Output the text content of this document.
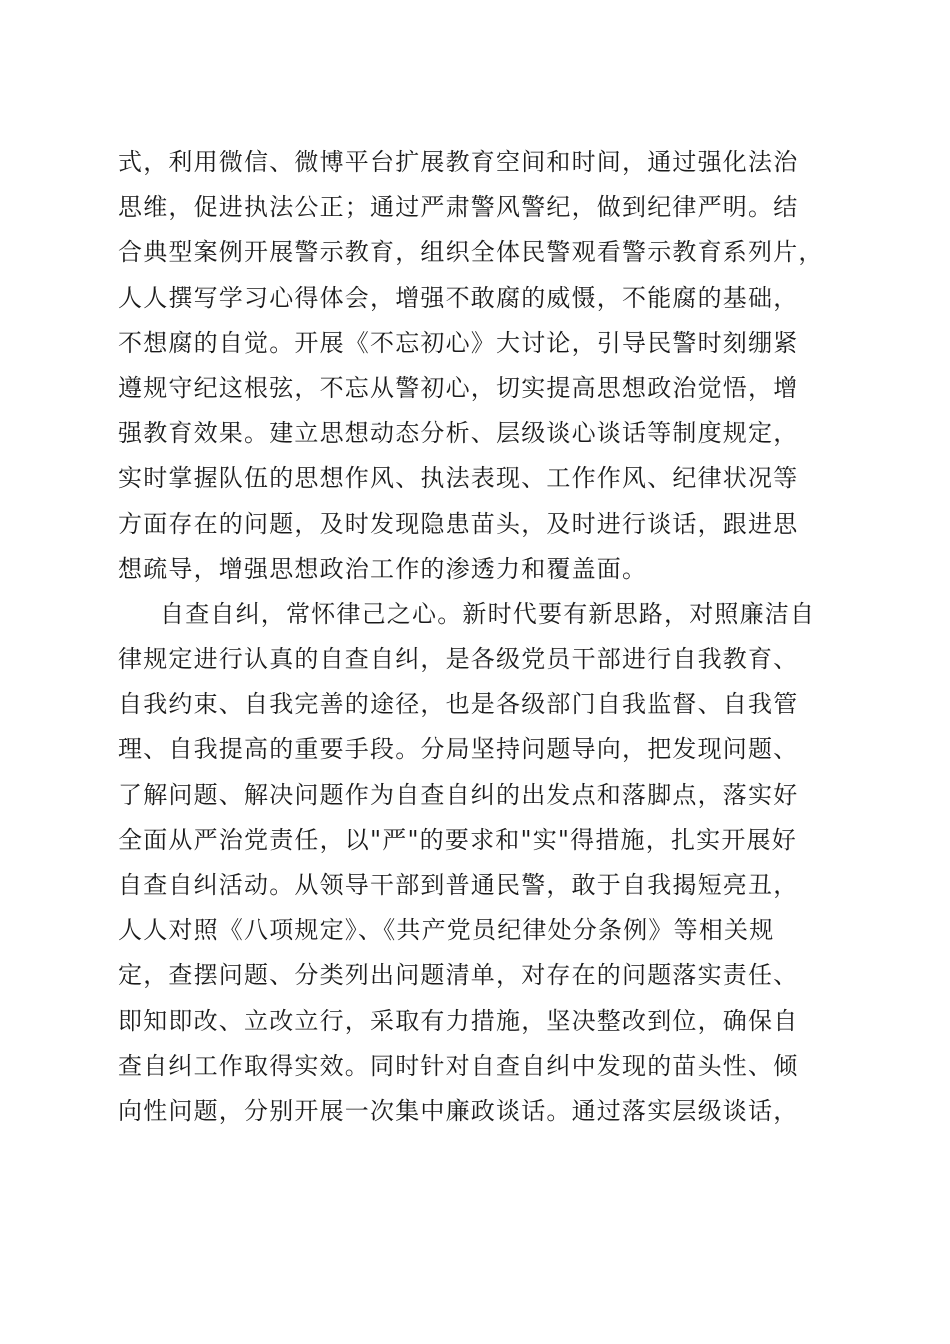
式，利用微信、微博平台扩展教育空间和时间，通过强化法治
思维，促进执法公正；通过严肃警风警纪，做到纪律严明。结
合典型案例开展警示教育，组织全体民警观看警示教育系列片，
人人撰写学习心得体会，增强不敢腐的威慑，不能腐的基础，
不想腐的自觉。开展《不忘初心》大讨论，引导民警时刻绷紧
遵规守纪这根弦，不忘从警初心，切实提高思想政治觉悟，增
强教育效果。建立思想动态分析、层级谈心谈话等制度规定，
实时掌握队伍的思想作风、执法表现、工作作风、纪律状况等
方面存在的问题，及时发现隐患苗头，及时进行谈话，跟进思
想疏导，增强思想政治工作的渗透力和覆盖面。
自查自纠，常怀律己之心。新时代要有新思路，对照廉洁自
律规定进行认真的自查自纠，是各级党员干部进行自我教育、
自我约束、自我完善的途径，也是各级部门自我监督、自我管
理、自我提高的重要手段。分局坚持问题导向，把发现问题、
了解问题、解决问题作为自查自纠的出发点和落脚点，落实好
全面从严治党责任，以"严"的要求和"实"得措施，扎实开展好
自查自纠活动。从领导干部到普通民警，敢于自我揭短亮丑，
人人对照《八项规定》、《共产党员纪律处分条例》等相关规
定，查摆问题、分类列出问题清单，对存在的问题落实责任、
即知即改、立改立行，采取有力措施，坚决整改到位，确保自
查自纠工作取得实效。同时针对自查自纠中发现的苗头性、倾
向性问题，分别开展一次集中廉政谈话。通过落实层级谈话，
